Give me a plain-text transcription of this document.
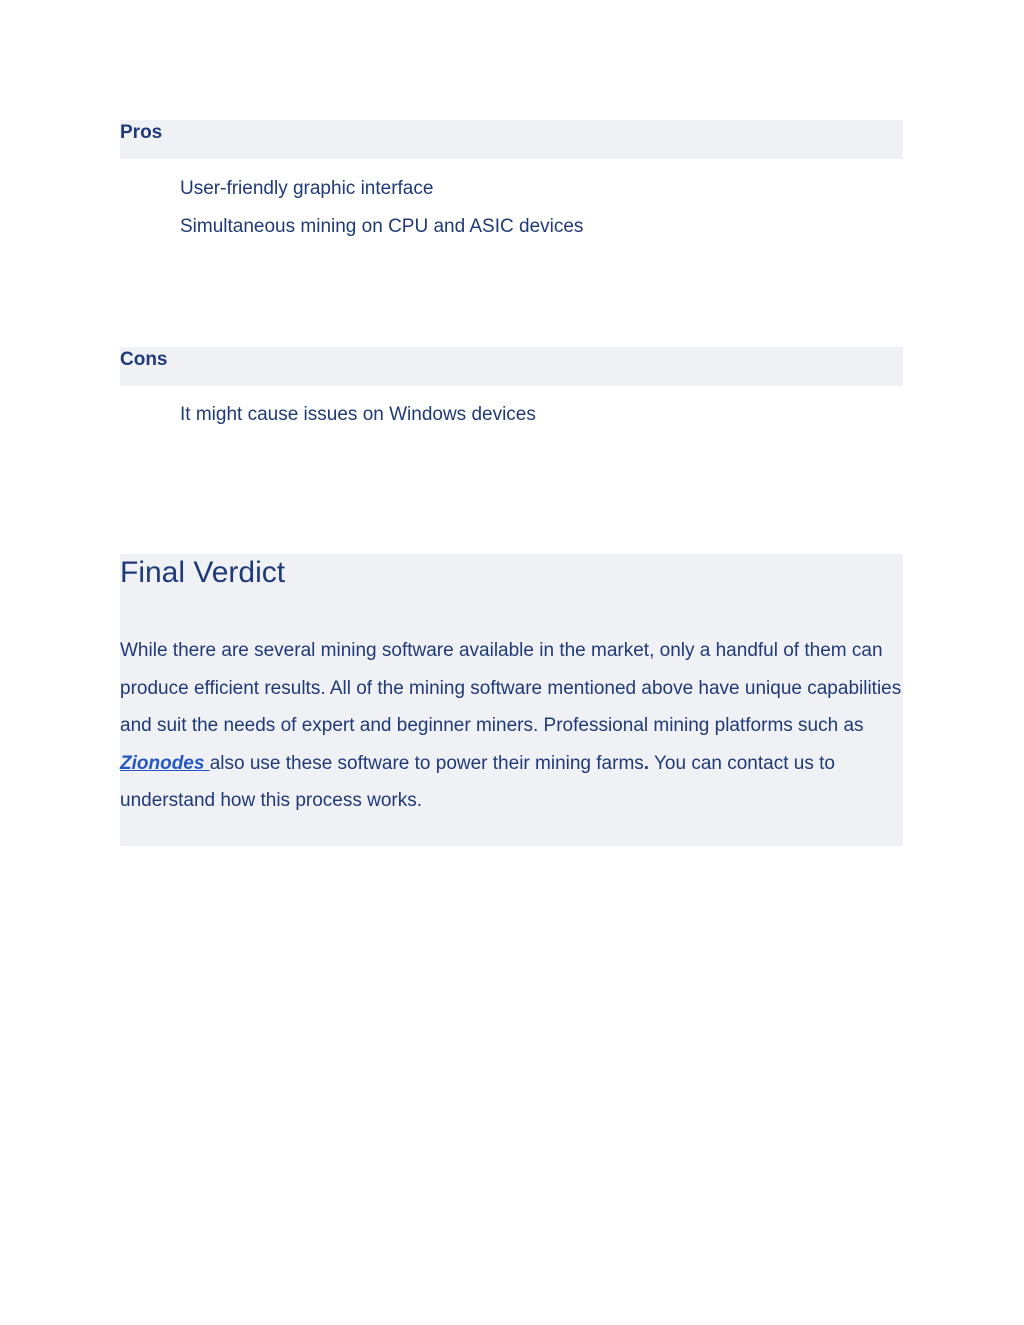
Pros
User-friendly graphic interface
Simultaneous mining on CPU and ASIC devices
Cons
It might cause issues on Windows devices
Final Verdict

While there are several mining software available in the market, only a handful of them can produce efficient results. All of the mining software mentioned above have unique capabilities and suit the needs of expert and beginner miners. Professional mining platforms such as Zionodes also use these software to power their mining farms. You can contact us to understand how this process works.
